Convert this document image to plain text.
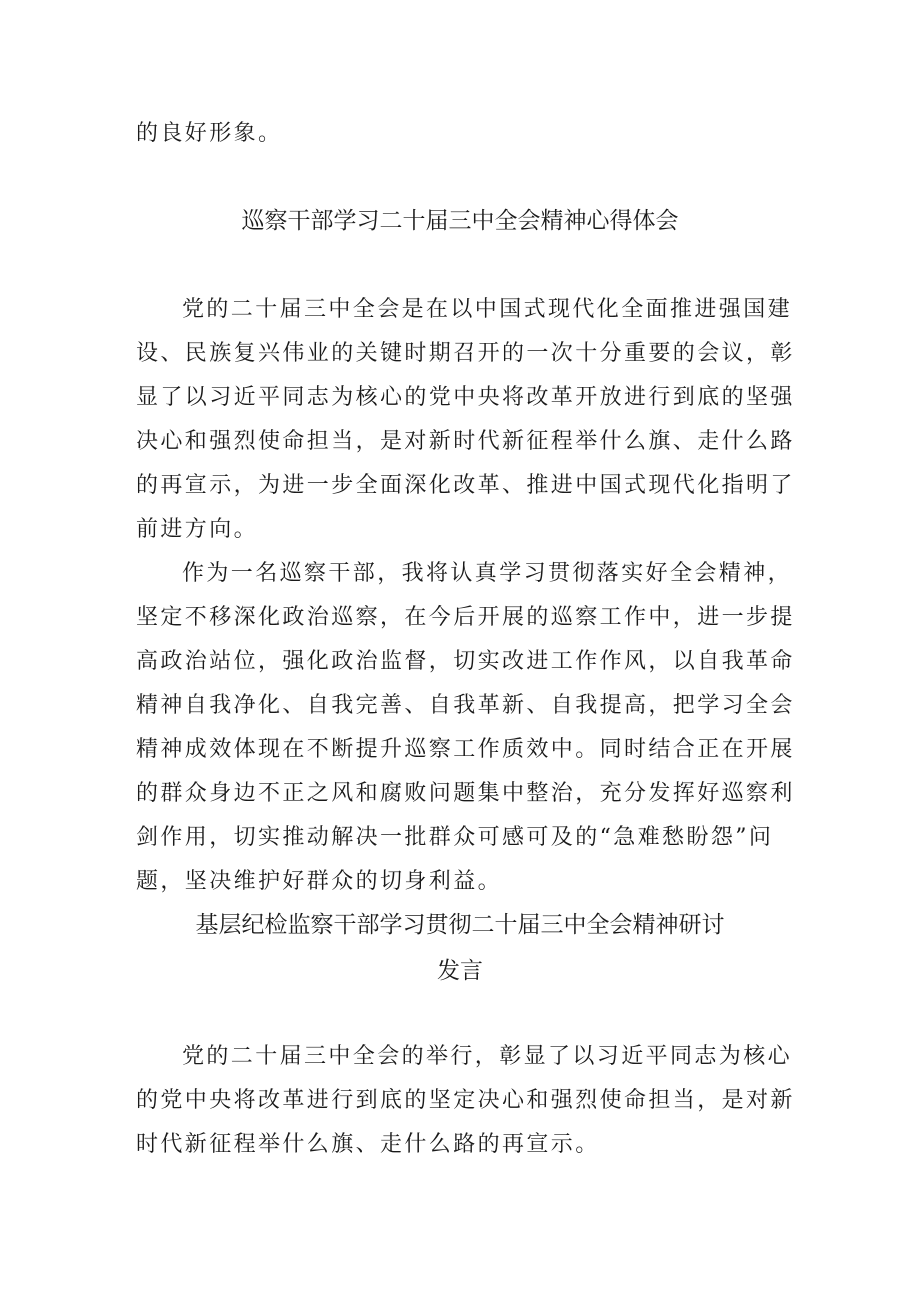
的良好形象。

巡察干部学习二十届三中全会精神心得体会

党的二十届三中全会是在以中国式现代化全面推进强国建设、民族复兴伟业的关键时期召开的一次十分重要的会议，彰显了以习近平同志为核心的党中央将改革开放进行到底的坚强决心和强烈使命担当，是对新时代新征程举什么旗、走什么路的再宣示，为进一步全面深化改革、推进中国式现代化指明了前进方向。

作为一名巡察干部，我将认真学习贯彻落实好全会精神，坚定不移深化政治巡察，在今后开展的巡察工作中，进一步提高政治站位，强化政治监督，切实改进工作作风，以自我革命精神自我净化、自我完善、自我革新、自我提高，把学习全会精神成效体现在不断提升巡察工作质效中。同时结合正在开展的群众身边不正之风和腐败问题集中整治，充分发挥好巡察利剑作用，切实推动解决一批群众可感可及的“急难愁盼怨”问题，坚决维护好群众的切身利益。

基层纪检监察干部学习贯彻二十届三中全会精神研讨
发言

党的二十届三中全会的举行，彰显了以习近平同志为核心的党中央将改革进行到底的坚定决心和强烈使命担当，是对新时代新征程举什么旗、走什么路的再宣示。
